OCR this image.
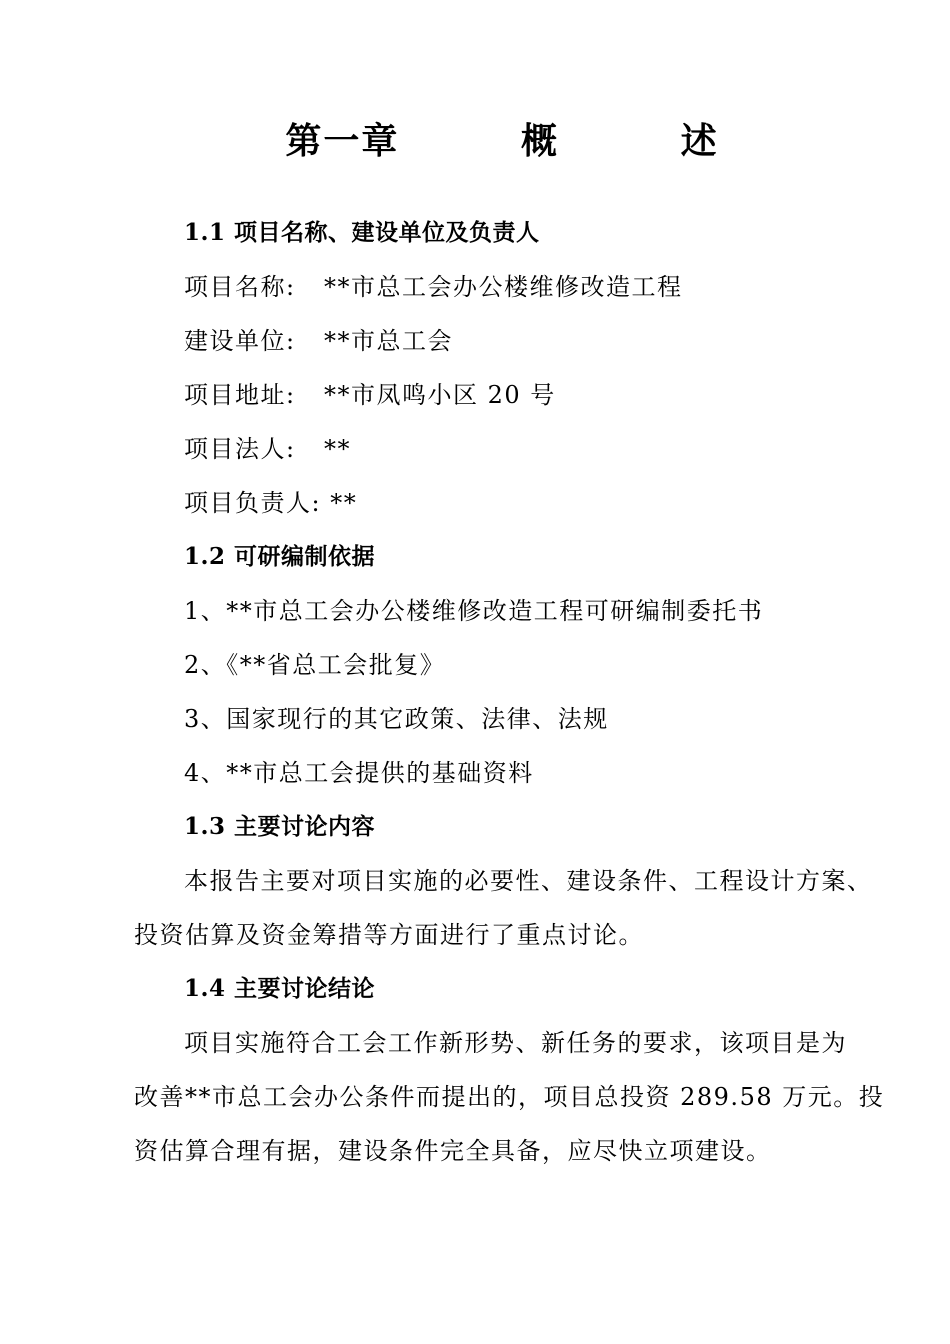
第一章   概   述
1.1 项目名称、建设单位及负责人
项目名称: **市总工会办公楼维修改造工程
建设单位: **市总工会
项目地址: **市凤鸣小区 20 号
项目法人: **
项目负责人: **
1.2 可研编制依据
1、**市总工会办公楼维修改造工程可研编制委托书
2、《**省总工会批复》
3、国家现行的其它政策、法律、法规
4、**市总工会提供的基础资料
1.3 主要讨论内容
本报告主要对项目实施的必要性、建设条件、工程设计方案、
投资估算及资金筹措等方面进行了重点讨论。
1.4 主要讨论结论
项目实施符合工会工作新形势、新任务的要求，该项目是为
改善**市总工会办公条件而提出的，项目总投资 289.58 万元。投
资估算合理有据，建设条件完全具备，应尽快立项建设。
